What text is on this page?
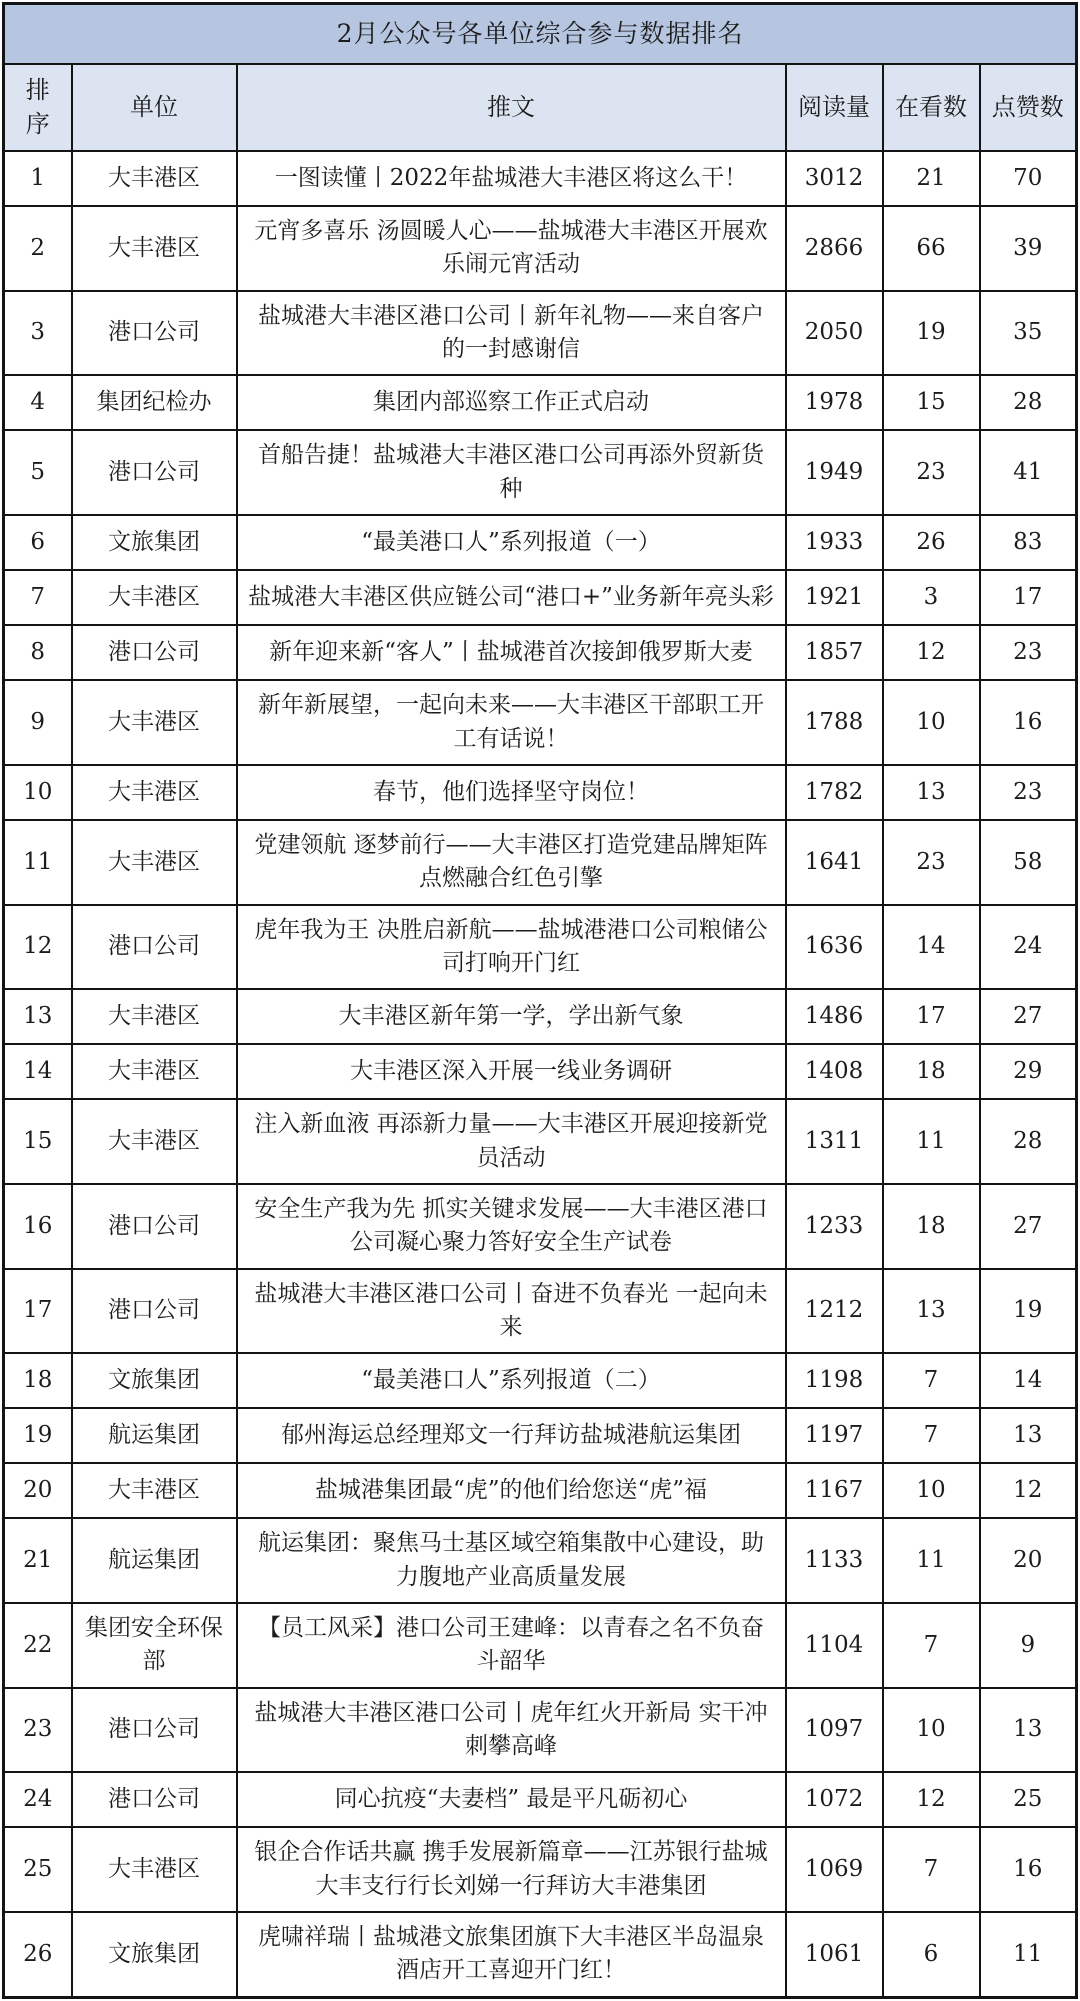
2月公众号各单位综合参与数据排名					
排序	单位	推文	阅读量	在看数	点赞数
1	大丰港区	一图读懂丨2022年盐城港大丰港区将这么干！	3012	21	70
2	大丰港区	元宵多喜乐 汤圆暖人心——盐城港大丰港区开展欢乐闹元宵活动	2866	66	39
3	港口公司	盐城港大丰港区港口公司丨新年礼物——来自客户的一封感谢信	2050	19	35
4	集团纪检办	集团内部巡察工作正式启动	1978	15	28
5	港口公司	首船告捷！盐城港大丰港区港口公司再添外贸新货种	1949	23	41
6	文旅集团	“最美港口人”系列报道（一）	1933	26	83
7	大丰港区	盐城港大丰港区供应链公司“港口+”业务新年亮头彩	1921	3	17
8	港口公司	新年迎来新“客人”丨盐城港首次接卸俄罗斯大麦	1857	12	23
9	大丰港区	新年新展望，一起向未来——大丰港区干部职工开工有话说！	1788	10	16
10	大丰港区	春节，他们选择坚守岗位！	1782	13	23
11	大丰港区	党建领航 逐梦前行——大丰港区打造党建品牌矩阵 点燃融合红色引擎	1641	23	58
12	港口公司	虎年我为王 决胜启新航——盐城港港口公司粮储公司打响开门红	1636	14	24
13	大丰港区	大丰港区新年第一学，学出新气象	1486	17	27
14	大丰港区	大丰港区深入开展一线业务调研	1408	18	29
15	大丰港区	注入新血液 再添新力量——大丰港区开展迎接新党员活动	1311	11	28
16	港口公司	安全生产我为先 抓实关键求发展——大丰港区港口公司凝心聚力答好安全生产试卷	1233	18	27
17	港口公司	盐城港大丰港区港口公司丨奋进不负春光 一起向未来	1212	13	19
18	文旅集团	“最美港口人”系列报道（二）	1198	7	14
19	航运集团	郁州海运总经理郑文一行拜访盐城港航运集团	1197	7	13
20	大丰港区	盐城港集团最“虎”的他们给您送“虎”福	1167	10	12
21	航运集团	航运集团：聚焦马士基区域空箱集散中心建设，助力腹地产业高质量发展	1133	11	20
22	集团安全环保部	【员工风采】港口公司王建峰：以青春之名不负奋斗韶华	1104	7	9
23	港口公司	盐城港大丰港区港口公司丨虎年红火开新局 实干冲刺攀高峰	1097	10	13
24	港口公司	同心抗疫“夫妻档” 最是平凡砺初心	1072	12	25
25	大丰港区	银企合作话共赢 携手发展新篇章——江苏银行盐城大丰支行行长刘娣一行拜访大丰港集团	1069	7	16
26	文旅集团	虎啸祥瑞丨盐城港文旅集团旗下大丰港区半岛温泉酒店开工喜迎开门红！	1061	6	11
